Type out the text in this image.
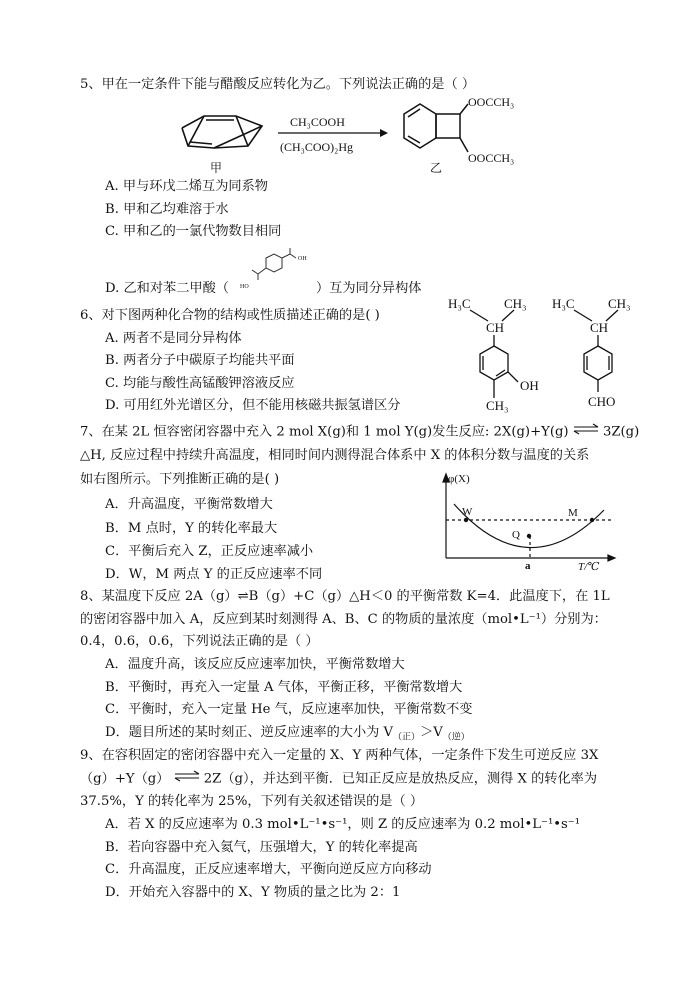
5、甲在一定条件下能与醋酸反应转化为乙。下列说法正确的是（ ）
甲
CH₃COOH
(CH₃COO)₂Hg
OOCCH₃
OOCCH₃
乙
A. 甲与环戊二烯互为同系物
B. 甲和乙均难溶于水
C. 甲和乙的一氯代物数目相同
D. 乙和对苯二甲酸（ HO
OH
）互为同分异构体
6、对下图两种化合物的结构或性质描述正确的是( )
A. 两者不是同分异构体
B. 两者分子中碳原子均能共平面
C. 均能与酸性高锰酸钾溶液反应
D. 可用红外光谱区分，但不能用核磁共振氢谱区分
H₃C	CH₃
CH
OH
CH₃
H₃C	CH₃
CH
CHO
7、在某 2L 恒容密闭容器中充入 2 mol X(g)和 1 mol Y(g)发生反应: 2X(g)+Y(g) ⇌ 3Z(g)
△H, 反应过程中持续升高温度，相同时间内测得混合体系中 X 的体积分数与温度的关系
如右图所示。下列推断正确的是( )
A．升高温度，平衡常数增大
B．M 点时，Y 的转化率最大
C．平衡后充入 Z，正反应速率减小
D．W，M 两点 Y 的正反应速率不同
φ(X)
W	M
Q
a	T/℃
8、某温度下反应 2A（g）⇌B（g）+C（g）△H＜0 的平衡常数 K=4．此温度下，在 1L
的密闭容器中加入 A，反应到某时刻测得 A、B、C 的物质的量浓度（mol•L⁻¹）分别为：
0.4，0.6，0.6，下列说法正确的是（ ）
A．温度升高，该反应反应速率加快，平衡常数增大
B．平衡时，再充入一定量 A 气体，平衡正移，平衡常数增大
C．平衡时，充入一定量 He 气，反应速率加快，平衡常数不变
D．题目所述的某时刻正、逆反应速率的大小为 $V_{(正)}>V_{(逆)}$
9、在容积固定的密闭容器中充入一定量的 X、Y 两种气体，一定条件下发生可逆反应 3X
（g）+Y（g） ⇌ 2Z（g），并达到平衡．已知正反应是放热反应，测得 X 的转化率为
37.5%，Y 的转化率为 25%，下列有关叙述错误的是（ ）
A．若 X 的反应速率为 0.3 mol•L⁻¹•s⁻¹，则 Z 的反应速率为 0.2 mol•L⁻¹•s⁻¹
B．若向容器中充入氦气，压强增大，Y 的转化率提高
C．升高温度，正反应速率增大，平衡向逆反应方向移动
D．开始充入容器中的 X、Y 物质的量之比为 2：1
